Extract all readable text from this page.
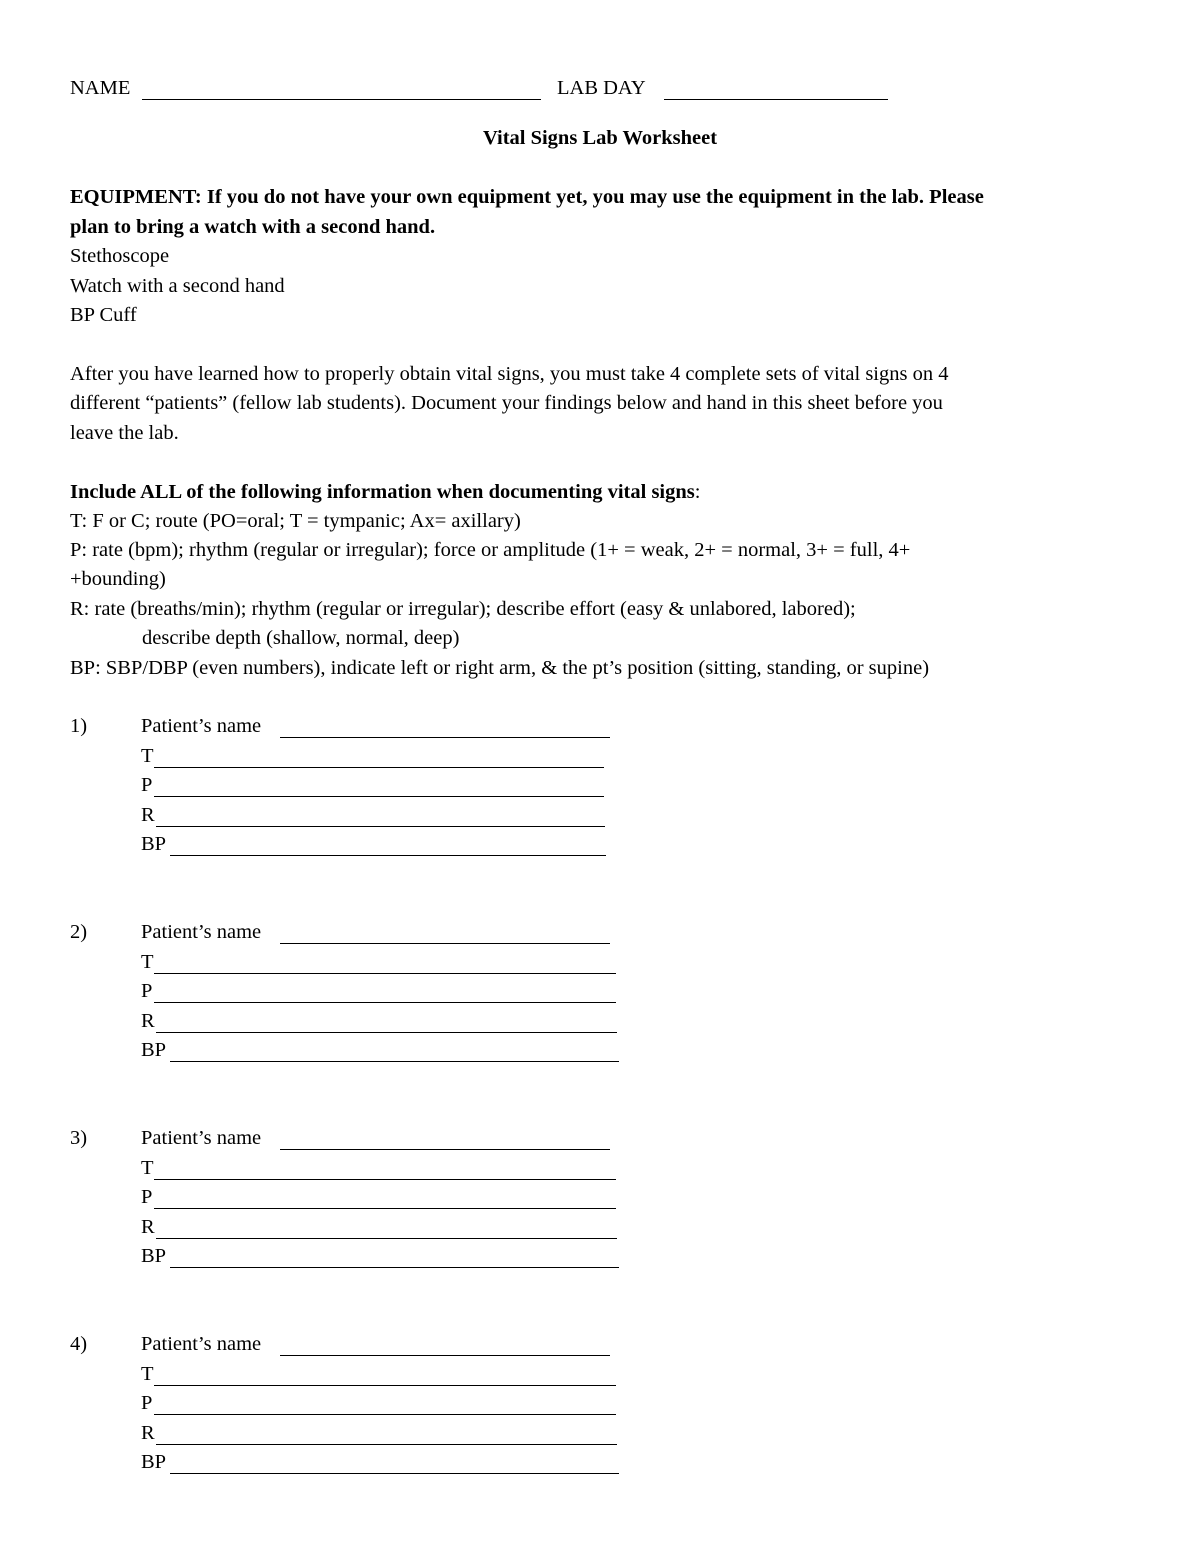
NAME	LAB DAY
Vital Signs Lab Worksheet
EQUIPMENT: If you do not have your own equipment yet, you may use the equipment in the lab. Please
plan to bring a watch with a second hand.
Stethoscope
Watch with a second hand
BP Cuff
After you have learned how to properly obtain vital signs, you must take 4 complete sets of vital signs on 4
different “patients” (fellow lab students). Document your findings below and hand in this sheet before you
leave the lab.
Include ALL of the following information when documenting vital signs:
T: F or C; route (PO=oral; T = tympanic; Ax= axillary)
P: rate (bpm); rhythm (regular or irregular); force or amplitude (1+ = weak, 2+ = normal, 3+ = full, 4+
+bounding)
R: rate (breaths/min); rhythm (regular or irregular); describe effort (easy & unlabored, labored);
describe depth (shallow, normal, deep)
BP: SBP/DBP (even numbers), indicate left or right arm, & the pt’s position (sitting, standing, or supine)
1)	Patient’s name
T
P
R
BP
2)	Patient’s name
T
P
R
BP
3)	Patient’s name
T
P
R
BP
4)	Patient’s name
T
P
R
BP
